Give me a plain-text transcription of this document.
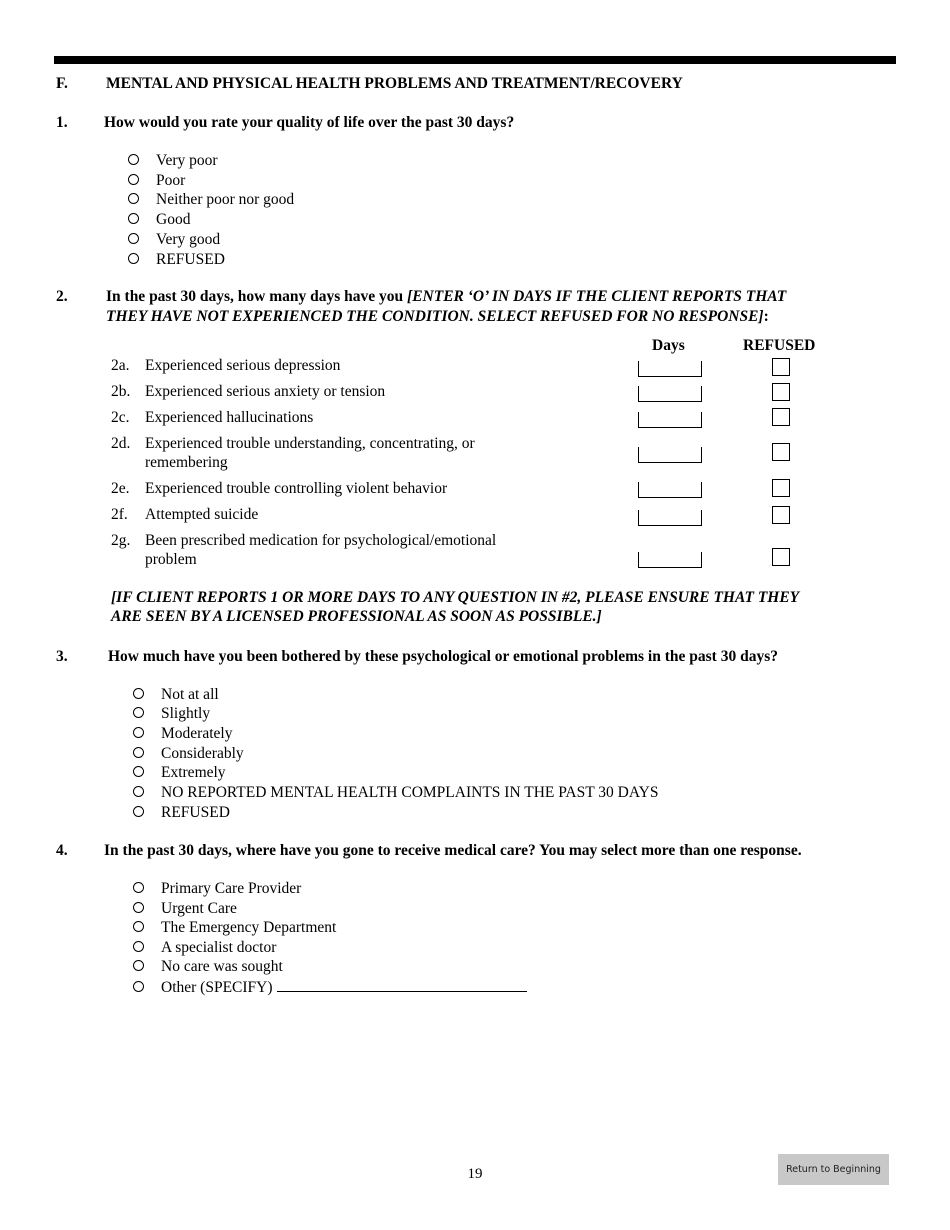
F. MENTAL AND PHYSICAL HEALTH PROBLEMS AND TREATMENT/RECOVERY
1. How would you rate your quality of life over the past 30 days?
Very poor
Poor
Neither poor nor good
Good
Very good
REFUSED
2. In the past 30 days, how many days have you [ENTER ‘O’ IN DAYS IF THE CLIENT REPORTS THAT
THEY HAVE NOT EXPERIENCED THE CONDITION. SELECT REFUSED FOR NO RESPONSE]:
Days	REFUSED
2a. Experienced serious depression
2b. Experienced serious anxiety or tension
2c. Experienced hallucinations
2d. Experienced trouble understanding, concentrating, or remembering
2e. Experienced trouble controlling violent behavior
2f. Attempted suicide
2g. Been prescribed medication for psychological/emotional problem
[IF CLIENT REPORTS 1 OR MORE DAYS TO ANY QUESTION IN #2, PLEASE ENSURE THAT THEY
ARE SEEN BY A LICENSED PROFESSIONAL AS SOON AS POSSIBLE.]
3.	How much have you been bothered by these psychological or emotional problems in the past 30 days?
Not at all
Slightly
Moderately
Considerably
Extremely
NO REPORTED MENTAL HEALTH COMPLAINTS IN THE PAST 30 DAYS
REFUSED
4. In the past 30 days, where have you gone to receive medical care? You may select more than one response.
Primary Care Provider
Urgent Care
The Emergency Department
A specialist doctor
No care was sought
Other (SPECIFY)
19	Return to Beginning
